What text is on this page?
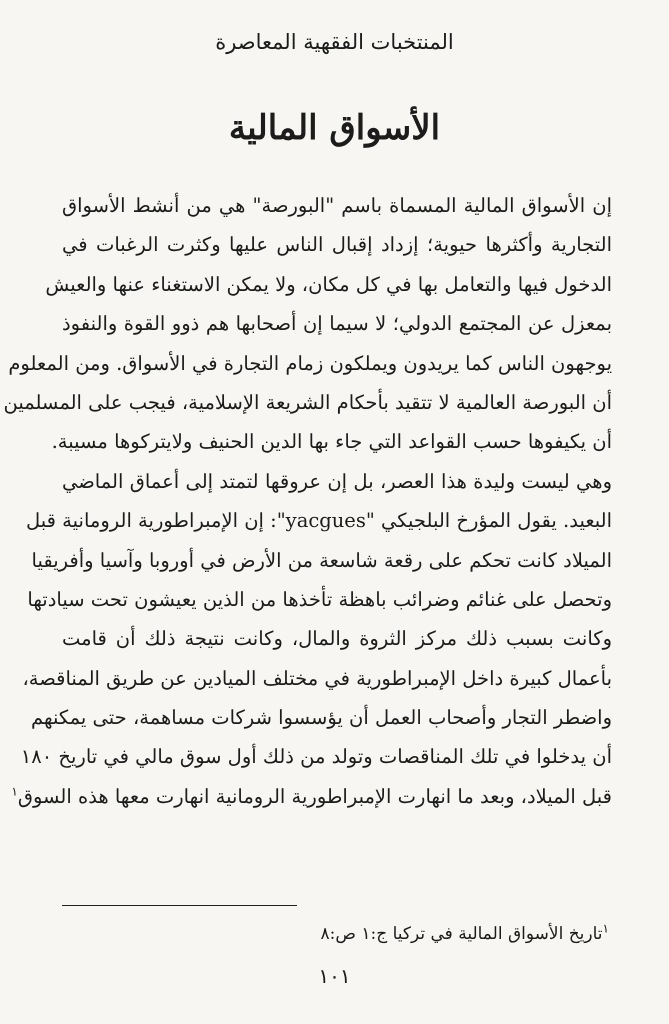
المنتخبات الفقهية المعاصرة
الأسواق المالية
إن الأسواق المالية المسماة باسم "البورصة" هي من أنشط الأسواق
التجارية وأكثرها حيوية؛ إزداد إقبال الناس عليها وكثرت الرغبات في
الدخول فيها والتعامل بها في كل مكان، ولا يمكن الاستغناء عنها والعيش
بمعزل عن المجتمع الدولي؛ لا سيما إن أصحابها هم ذوو القوة والنفوذ
يوجهون الناس كما يريدون ويملكون زمام التجارة في الأسواق. ومن المعلوم
أن البورصة العالمية لا تتقيد بأحكام الشريعة الإسلامية، فيجب على المسلمين
أن يكيفوها حسب القواعد التي جاء بها الدين الحنيف ولايتركوها مسيبة.
وهي ليست وليدة هذا العصر، بل إن عروقها لتمتد إلى أعماق الماضي
البعيد. يقول المؤرخ البلجيكي "yacgues": إن الإمبراطورية الرومانية قبل
الميلاد كانت تحكم على رقعة شاسعة من الأرض في أوروبا وآسيا وأفريقيا
وتحصل على غنائم وضرائب باهظة تأخذها من الذين يعيشون تحت سيادتها
وكانت بسبب ذلك مركز الثروة والمال، وكانت نتيجة ذلك أن قامت
بأعمال كبيرة داخل الإمبراطورية في مختلف الميادين عن طريق المناقصة،
واضطر التجار وأصحاب العمل أن يؤسسوا شركات مساهمة، حتى يمكنهم
أن يدخلوا في تلك المناقصات وتولد من ذلك أول سوق مالي في تاريخ ١٨٠
قبل الميلاد، وبعد ما انهارت الإمبراطورية الرومانية انهارت معها هذه السوق$^١$
$^١$تاريخ الأسواق المالية في تركيا ج:١ ص:٨
١٠١
